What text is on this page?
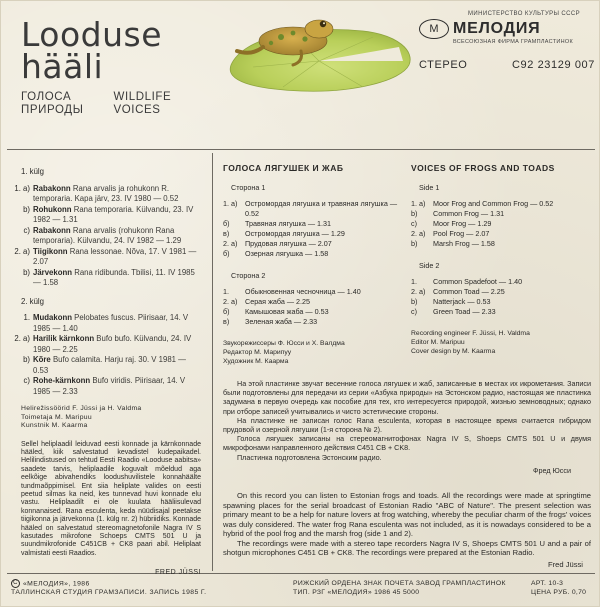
Looduse
hääli
ГОЛОСА
ПРИРОДЫ
WILDLIFE
VOICES
МИНИСТЕРСТВО КУЛЬТУРЫ СССР
М МЕЛОДИЯ
ВСЕСОЮЗНАЯ ФИРМА ГРАМПЛАСТИНОК
СТЕРЕО	С92 23129 007
1. külg
1. a) Rabakonn Rana arvalis ja rohukonn R. temporaria. Kapa järv, 23. IV 1980 — 0.52
b) Rohukonn Rana temporaria. Külvandu, 23. IV 1982 — 1.31
c) Rabakonn Rana arvalis (rohukonn Rana temporaria). Külvandu, 24. IV 1982 — 1.29
2. a) Tiigikonn Rana lessonae. Nõva, 17. V 1981 — 2.07
b) Järvekonn Rana ridibunda. Tbilisi, 11. IV 1985 — 1.58
2. külg
1. Mudakonn Pelobates fuscus. Piirisaar, 14. V 1985 — 1.40
2. a) Harilik kärnkonn Bufo bufo. Külvandu, 24. IV 1980 — 2.25
b) Kõre Bufo calamita. Harju raj. 30. V 1981 — 0.53
c) Rohe-kärnkonn Bufo viridis. Piirisaar, 14. V 1985 — 2.33
Helirežissöörid F. Jüssi ja H. Valdma
Toimetaja M. Maripuu
Kunstnik M. Kaarma
Sellel heliplaadil leiduvad eesti konnade ja kärnkonnade hääled, kiik salvestatud kevadistel kudepaikadel. Helilindistused on tehtud Eesti Raadio «Looduse aabitsa» saadete tarvis, heliplaadile koguvalt mõeldud aga eelkõige abivahendiks loodushuvilistele konnahäälte tundmaõppimisel. Ent siia heliplate valides on eesti peetud silmas ka neid, kes tunnevad huvi konnade elu vastu. Heliplaadilt ei ole kuulata hääliisulevad konnanaised. Rana esculenta, keda nüüdisajal peetakse tiigikonna ja järvekonna (1. külg nr. 2) hübriidiks. Konnade hääled on salvestatud stereomagnetofonile Nagra IV S kasutades mikrofone Schoeps CMTS 501 U ja suundmikrofonide C451CB + CK8 paari abil. Heliplaat valmistati eesti Raadios.
FRED JÜSSI
ГОЛОСА ЛЯГУШЕК И ЖАБ
Сторона 1
1. а)	Остромордая лягушка и травяная лягушка — 0.52
б)	Травяная лягушка — 1.31
в)	Остромордая лягушка — 1.29
2. а)	Прудовая лягушка — 2.07
б)	Озерная лягушка — 1.58
Сторона 2
1.	Обыкновенная чесночница — 1.40
2. а)	Серая жаба — 2.25
б)	Камышовая жаба — 0.53
в)	Зеленая жаба — 2.33
Звукорежиссеры Ф. Юсси и Х. Валдма
Редактор М. Марипуу
Художник М. Каарма
VOICES OF FROGS AND TOADS
Side 1
1. a)	Moor Frog and Common Frog — 0.52
b)	Common Frog — 1.31
c)	Moor Frog — 1.29
2. a)	Pool Frog — 2.07
b)	Marsh Frog — 1.58
Side 2
1.	Common Spadefoot — 1.40
2. a)	Common Toad — 2.25
b)	Natterjack — 0.53
c)	Green Toad — 2.33
Recording engineer F. Jüssi, H. Valdma
Editor M. Maripuu
Cover design by M. Kaarma

На этой пластинке звучат весенние голоса лягушек и жаб, записанные в местах их икрометания. Записи были подготовлены для передачи из серии «Азбука природы» на Эстонском радио, настоящая же пластинка задумана в первую очередь как пособие для тех, кто интересуется природой, жизнью земноводных; однако при отборе записей учитывались и чисто эстетические стороны.

На пластинке не записан голос Rana esculenta, которая в настоящее время считается гибридом прудовой и озерной лягушки (1-я сторона № 2).

Голоса лягушек записаны на стереомагнитофонах Nagra IV S, Shoeps CMTS 501 U и двумя микрофонами направленного действия C451 CB + CK8.

Пластинка подготовлена Эстонским радио.

Фред Юсси

On this record you can listen to Estonian frogs and toads. All the recordings were made at springtime spawning places for the serial broadcast of Estonian Radio "ABC of Nature". The present selection was primary meant to be a help for nature lovers at frog watching, whereby the peculiar charm of the frogs' voices was duly considered. The water frog Rana esculenta was not included, as it is nowadays considered to be a hybrid of the pool frog and the marsh frog (side 1 and 2).

The recordings were made with a stereo tape recorders Nagra IV S, Shoeps CMTS 501 U and a pair of shotgun microphones C451 CB + CK8. The recordings were prepared at the Estonian Radio.

Fred Jüssi
C «МЕЛОДИЯ», 1986
ТАЛЛИНСКАЯ СТУДИЯ ГРАМЗАПИСИ. ЗАПИСЬ 1985 Г.
РИЖСКИЙ ОРДЕНА ЗНАК ПОЧЕТА ЗАВОД ГРАМПЛАСТИНОК
ТИП. РЗГ «МЕЛОДИЯ» 1986 45 5000
АРТ. 10-3
ЦЕНА РУБ. 0,70
